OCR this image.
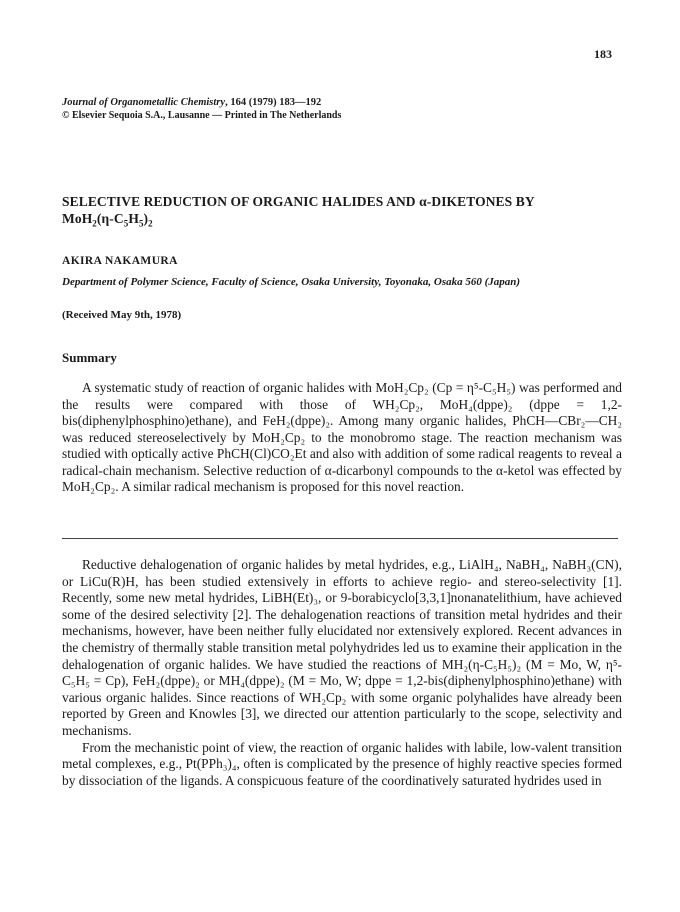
183
Journal of Organometallic Chemistry, 164 (1979) 183—192
© Elsevier Sequoia S.A., Lausanne — Printed in The Netherlands
SELECTIVE REDUCTION OF ORGANIC HALIDES AND α-DIKETONES BY
$MoH_2(\eta-C_5H_5)_2$
AKIRA NAKAMURA
Department of Polymer Science, Faculty of Science, Osaka University, Toyonaka, Osaka 560 (Japan)
(Received May 9th, 1978)
Summary

A systematic study of reaction of organic halides with MoH₂Cp₂ (Cp = η⁵-C₅H₅) was performed and the results were compared with those of WH₂Cp₂, MoH₄(dppe)₂ (dppe = 1,2-bis(diphenylphosphino)ethane), and FeH₂(dppe)₂. Among many organic halides, PhCH—CBr₂—CH₂ was reduced stereoselectively by MoH₂Cp₂ to the monobromo stage. The reaction mechanism was studied with optically active PhCH(Cl)CO₂Et and also with addition of some radical reagents to reveal a radical-chain mechanism. Selective reduction of α-dicarbonyl compounds to the α-ketol was effected by MoH₂Cp₂. A similar radical mechanism is proposed for this novel reaction.

Reductive dehalogenation of organic halides by metal hydrides, e.g., LiAlH₄, NaBH₄, NaBH₃(CN), or LiCu(R)H, has been studied extensively in efforts to achieve regio- and stereo-selectivity [1]. Recently, some new metal hydrides, LiBH(Et)₃, or 9-borabicyclo[3,3,1]nonanatelithium, have achieved some of the desired selectivity [2]. The dehalogenation reactions of transition metal hydrides and their mechanisms, however, have been neither fully elucidated nor extensively explored. Recent advances in the chemistry of thermally stable transition metal polyhydrides led us to examine their application in the dehalogenation of organic halides. We have studied the reactions of MH₂(η-C₅H₅)₂ (M = Mo, W, η⁵-C₅H₅ = Cp), FeH₂(dppe)₂ or MH₄(dppe)₂ (M = Mo, W; dppe = 1,2-bis(diphenylphosphino)ethane) with various organic halides. Since reactions of WH₂Cp₂ with some organic polyhalides have already been reported by Green and Knowles [3], we directed our attention particularly to the scope, selectivity and mechanisms.

From the mechanistic point of view, the reaction of organic halides with labile, low-valent transition metal complexes, e.g., Pt(PPh₃)₄, often is complicated by the presence of highly reactive species formed by dissociation of the ligands. A conspicuous feature of the coordinatively saturated hydrides used in
